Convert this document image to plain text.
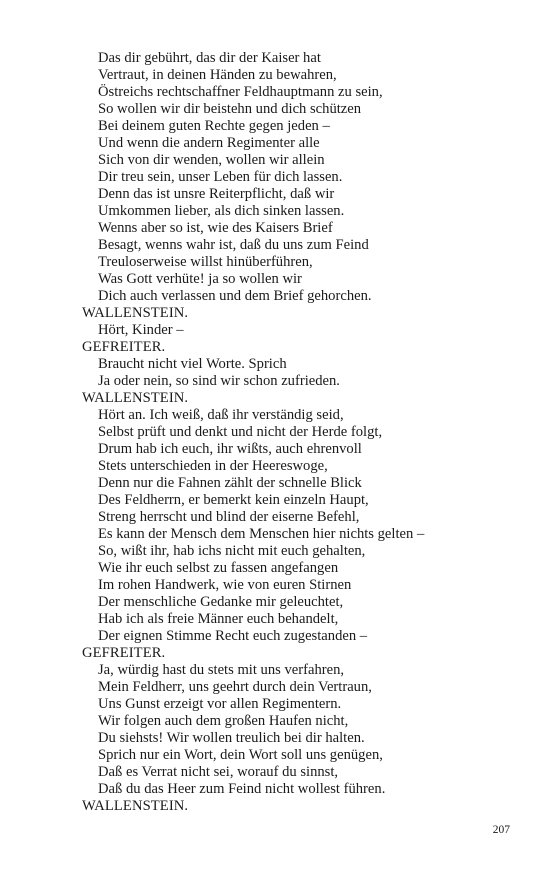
Das dir gebührt, das dir der Kaiser hat
Vertraut, in deinen Händen zu bewahren,
Östreichs rechtschaffner Feldhauptmann zu sein,
So wollen wir dir beistehn und dich schützen
Bei deinem guten Rechte gegen jeden –
Und wenn die andern Regimenter alle
Sich von dir wenden, wollen wir allein
Dir treu sein, unser Leben für dich lassen.
Denn das ist unsre Reiterpflicht, daß wir
Umkommen lieber, als dich sinken lassen.
Wenns aber so ist, wie des Kaisers Brief
Besagt, wenns wahr ist, daß du uns zum Feind
Treuloserweise willst hinüberführen,
Was Gott verhüte! ja so wollen wir
Dich auch verlassen und dem Brief gehorchen.
WALLENSTEIN.
Hört, Kinder –
GEFREITER.
Braucht nicht viel Worte. Sprich
Ja oder nein, so sind wir schon zufrieden.
WALLENSTEIN.
Hört an. Ich weiß, daß ihr verständig seid,
Selbst prüft und denkt und nicht der Herde folgt,
Drum hab ich euch, ihr wißts, auch ehrenvoll
Stets unterschieden in der Heereswoge,
Denn nur die Fahnen zählt der schnelle Blick
Des Feldherrn, er bemerkt kein einzeln Haupt,
Streng herrscht und blind der eiserne Befehl,
Es kann der Mensch dem Menschen hier nichts gelten –
So, wißt ihr, hab ichs nicht mit euch gehalten,
Wie ihr euch selbst zu fassen angefangen
Im rohen Handwerk, wie von euren Stirnen
Der menschliche Gedanke mir geleuchtet,
Hab ich als freie Männer euch behandelt,
Der eignen Stimme Recht euch zugestanden –
GEFREITER.
Ja, würdig hast du stets mit uns verfahren,
Mein Feldherr, uns geehrt durch dein Vertraun,
Uns Gunst erzeigt vor allen Regimentern.
Wir folgen auch dem großen Haufen nicht,
Du siehsts! Wir wollen treulich bei dir halten.
Sprich nur ein Wort, dein Wort soll uns genügen,
Daß es Verrat nicht sei, worauf du sinnst,
Daß du das Heer zum Feind nicht wollest führen.
WALLENSTEIN.
207
